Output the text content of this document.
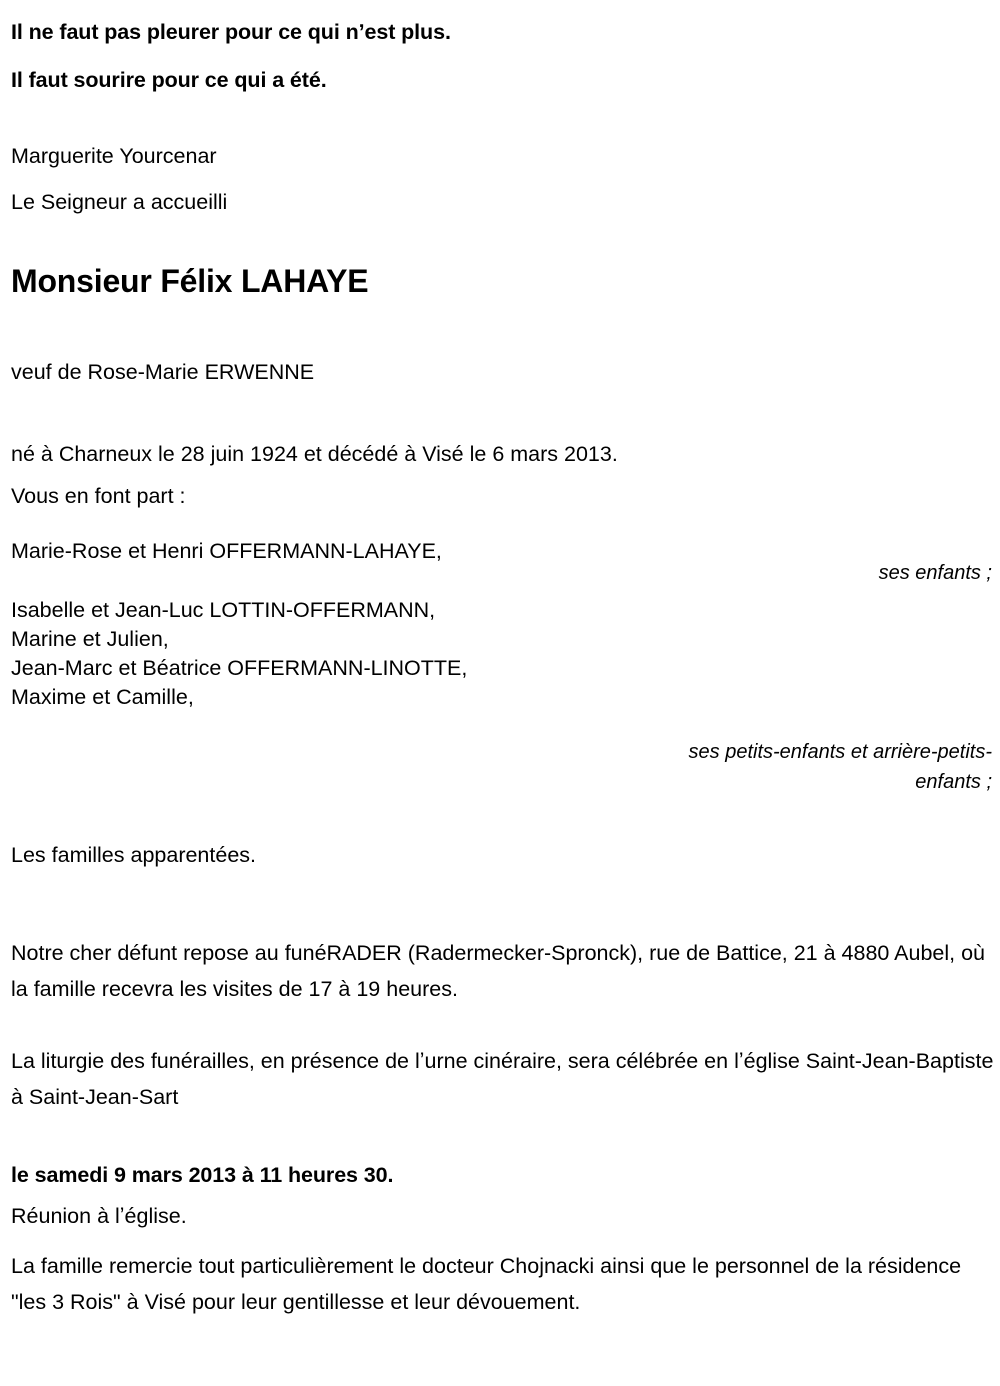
Il ne faut pas pleurer pour ce qui nʼest plus.
Il faut sourire pour ce qui a été.
Marguerite Yourcenar
Le Seigneur a accueilli
Monsieur Félix LAHAYE
veuf de Rose-Marie ERWENNE
né à Charneux le 28 juin 1924 et décédé à Visé le 6 mars 2013.
Vous en font part :
Marie-Rose et Henri OFFERMANN-LAHAYE,
ses enfants ;
Isabelle et Jean-Luc LOTTIN-OFFERMANN,
Marine et Julien,
Jean-Marc et Béatrice OFFERMANN-LINOTTE,
Maxime et Camille,
ses petits-enfants et arrière-petits-enfants ;
Les familles apparentées.
Notre cher défunt repose au funéRADER (Radermecker-Spronck), rue de Battice, 21 à 4880 Aubel, où la famille recevra les visites de 17 à 19 heures.
La liturgie des funérailles, en présence de lʼurne cinéraire, sera célébrée en lʼéglise Saint-Jean-Baptiste à Saint-Jean-Sart
le samedi 9 mars 2013 à 11 heures 30.
Réunion à lʼéglise.
La famille remercie tout particulièrement le docteur Chojnacki ainsi que le personnel de la résidence "les 3 Rois" à Visé pour leur gentillesse et leur dévouement.
